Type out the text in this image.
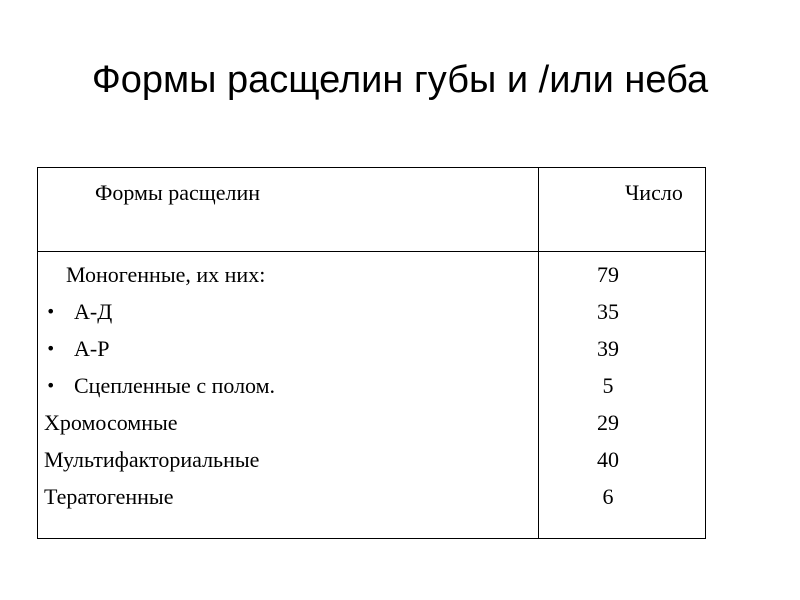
Формы расщелин губы и /или неба
Формы расщелин	Число
Моногенные, их них:
• А-Д
• А-Р
• Сцепленные с полом.
Хромосомные
Мультифакториальные
Тератогенные
79
35
39
5
29
40
6
